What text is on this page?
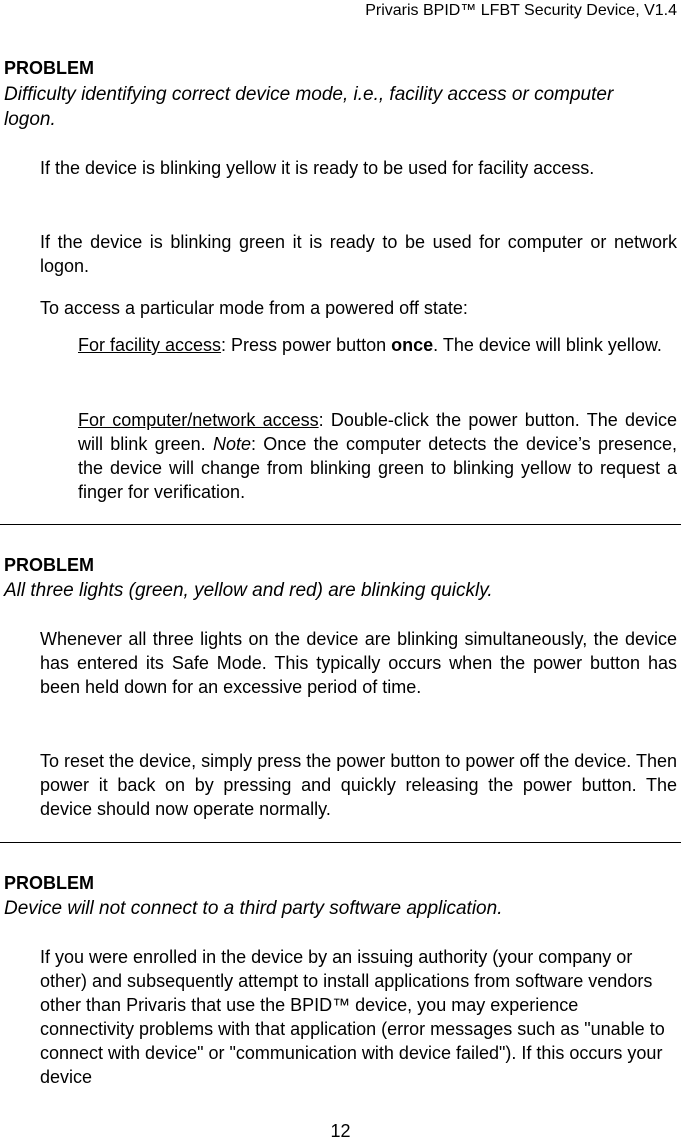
Privaris BPID™ LFBT Security Device, V1.4
PROBLEM
Difficulty identifying correct device mode, i.e., facility access or computer logon.
If the device is blinking yellow it is ready to be used for facility access.
If the device is blinking green it is ready to be used for computer or network logon.
To access a particular mode from a powered off state:
For facility access: Press power button once. The device will blink yellow.
For computer/network access: Double-click the power button. The device will blink green. Note: Once the computer detects the device’s presence, the device will change from blinking green to blinking yellow to request a finger for verification.
PROBLEM
All three lights (green, yellow and red) are blinking quickly.
Whenever all three lights on the device are blinking simultaneously, the device has entered its Safe Mode. This typically occurs when the power button has been held down for an excessive period of time.
To reset the device, simply press the power button to power off the device. Then power it back on by pressing and quickly releasing the power button. The device should now operate normally.
PROBLEM
Device will not connect to a third party software application.
If you were enrolled in the device by an issuing authority (your company or other) and subsequently attempt to install applications from software vendors other than Privaris that use the BPID™ device, you may experience connectivity problems with that application (error messages such as "unable to connect with device" or "communication with device failed"). If this occurs your device
12
